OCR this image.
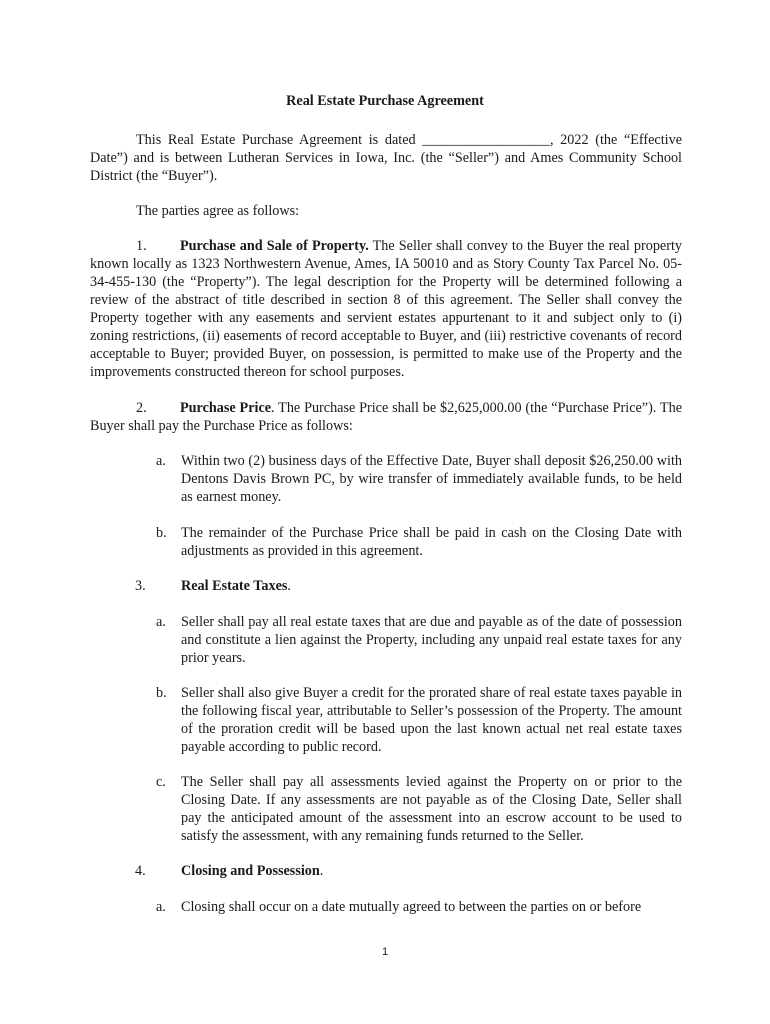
Real Estate Purchase Agreement

This Real Estate Purchase Agreement is dated __________________, 2022 (the “Effective Date”) and is between Lutheran Services in Iowa, Inc. (the “Seller”) and Ames Community School District (the “Buyer”).

The parties agree as follows:

1. Purchase and Sale of Property. The Seller shall convey to the Buyer the real property known locally as 1323 Northwestern Avenue, Ames, IA 50010 and as Story County Tax Parcel No. 05-34-455-130 (the “Property”). The legal description for the Property will be determined following a review of the abstract of title described in section 8 of this agreement. The Seller shall convey the Property together with any easements and servient estates appurtenant to it and subject only to (i) zoning restrictions, (ii) easements of record acceptable to Buyer, and (iii) restrictive covenants of record acceptable to Buyer; provided Buyer, on possession, is permitted to make use of the Property and the improvements constructed thereon for school purposes.

2. Purchase Price. The Purchase Price shall be $2,625,000.00 (the “Purchase Price”). The Buyer shall pay the Purchase Price as follows:

a. Within two (2) business days of the Effective Date, Buyer shall deposit $26,250.00 with Dentons Davis Brown PC, by wire transfer of immediately available funds, to be held as earnest money.
b. The remainder of the Purchase Price shall be paid in cash on the Closing Date with adjustments as provided in this agreement.
3. Real Estate Taxes.
a. Seller shall pay all real estate taxes that are due and payable as of the date of possession and constitute a lien against the Property, including any unpaid real estate taxes for any prior years.
b. Seller shall also give Buyer a credit for the prorated share of real estate taxes payable in the following fiscal year, attributable to Seller’s possession of the Property. The amount of the proration credit will be based upon the last known actual net real estate taxes payable according to public record.
c. The Seller shall pay all assessments levied against the Property on or prior to the Closing Date. If any assessments are not payable as of the Closing Date, Seller shall pay the anticipated amount of the assessment into an escrow account to be used to satisfy the assessment, with any remaining funds returned to the Seller.
4. Closing and Possession.
a. Closing shall occur on a date mutually agreed to between the parties on or before
1
